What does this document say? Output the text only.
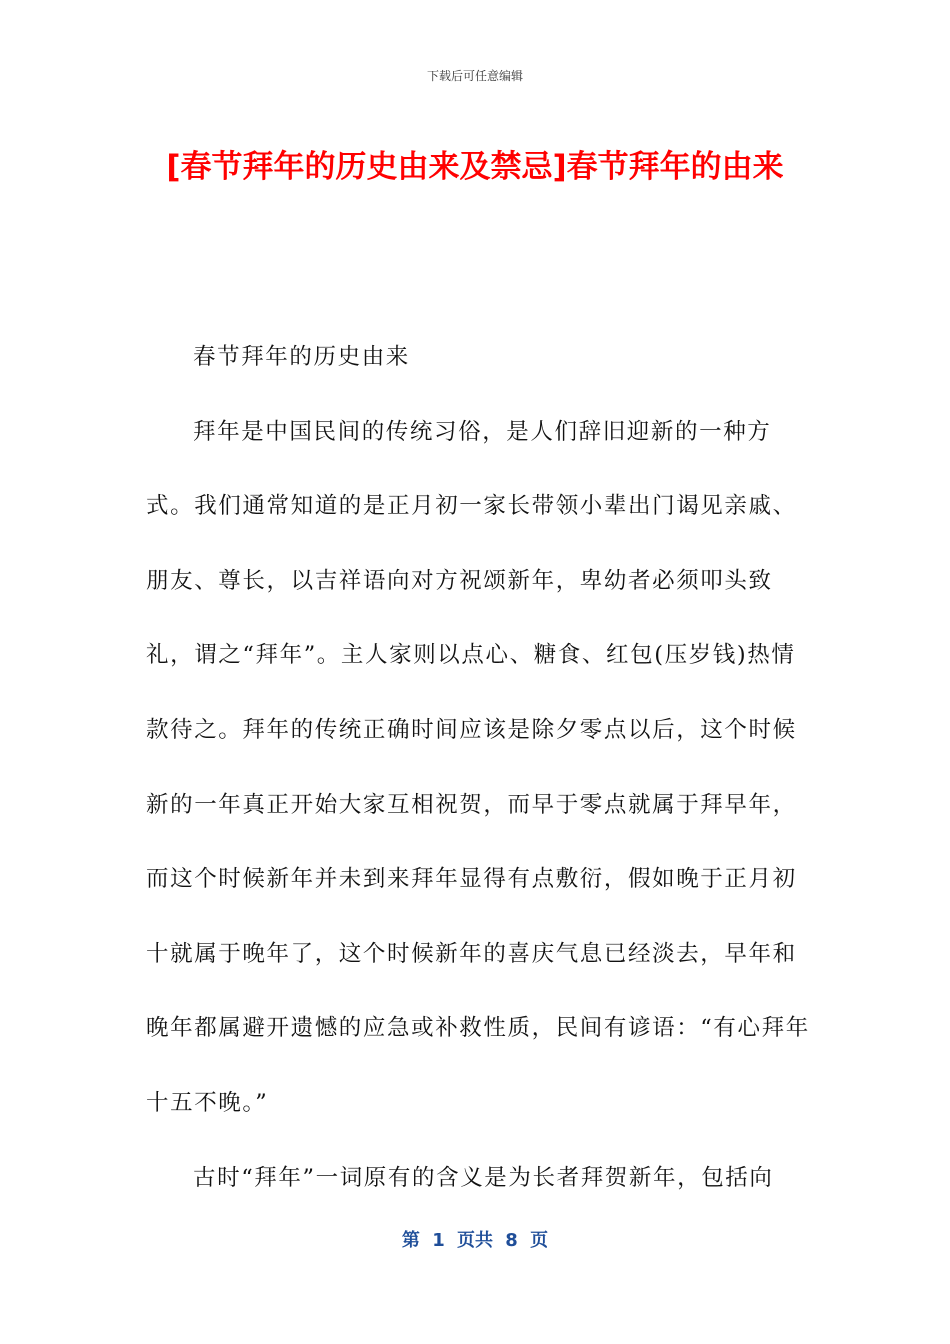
下载后可任意编辑
[春节拜年的历史由来及禁忌]春节拜年的由来

春节拜年的历史由来

拜年是中国民间的传统习俗，是人们辞旧迎新的一种方式。我们通常知道的是正月初一家长带领小辈出门谒见亲戚、朋友、尊长，以吉祥语向对方祝颂新年，卑幼者必须叩头致礼，谓之“拜年”。主人家则以点心、糖食、红包(压岁钱)热情款待之。拜年的传统正确时间应该是除夕零点以后，这个时候新的一年真正开始大家互相祝贺，而早于零点就属于拜早年，而这个时候新年并未到来拜年显得有点敷衍，假如晚于正月初十就属于晚年了，这个时候新年的喜庆气息已经淡去，早年和晚年都属避开遗憾的应急或补救性质，民间有谚语：“有心拜年十五不晚。”

古时“拜年”一词原有的含义是为长者拜贺新年，包括向

第 1 页共 8 页
